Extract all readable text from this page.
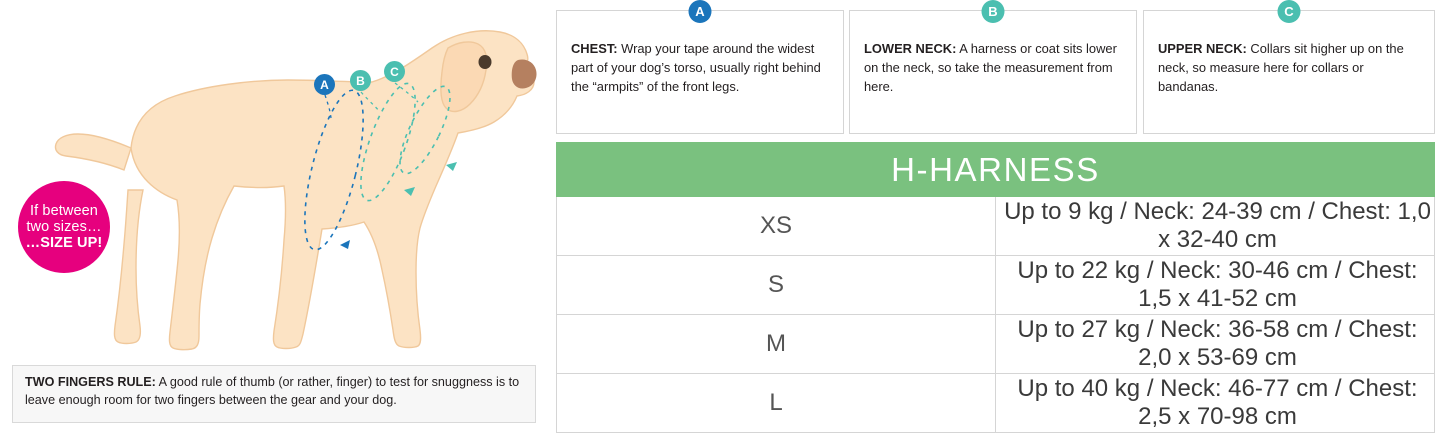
A	B
C
If between
two sizes…
…SIZE UP!
TWO FINGERS RULE: A good rule of thumb (or rather, finger) to test for snuggness is to leave enough room for two fingers between the gear and your dog.
A
CHEST: Wrap your tape around the widest part of your dog’s torso, usually right behind the “armpits” of the front legs.
B
LOWER NECK: A harness or coat sits lower on the neck, so take the measurement from here.
C
UPPER NECK: Collars sit higher up on the neck, so measure here for collars or bandanas.
H-HARNESS	
XS	Up to 9 kg / Neck: 24-39 cm / Chest: 1,0 x 32-40 cm
S	Up to 22 kg / Neck: 30-46 cm / Chest: 1,5 x 41-52 cm
M	Up to 27 kg / Neck: 36-58 cm / Chest: 2,0 x 53-69 cm
L	Up to 40 kg / Neck: 46-77 cm / Chest: 2,5 x 70-98 cm
